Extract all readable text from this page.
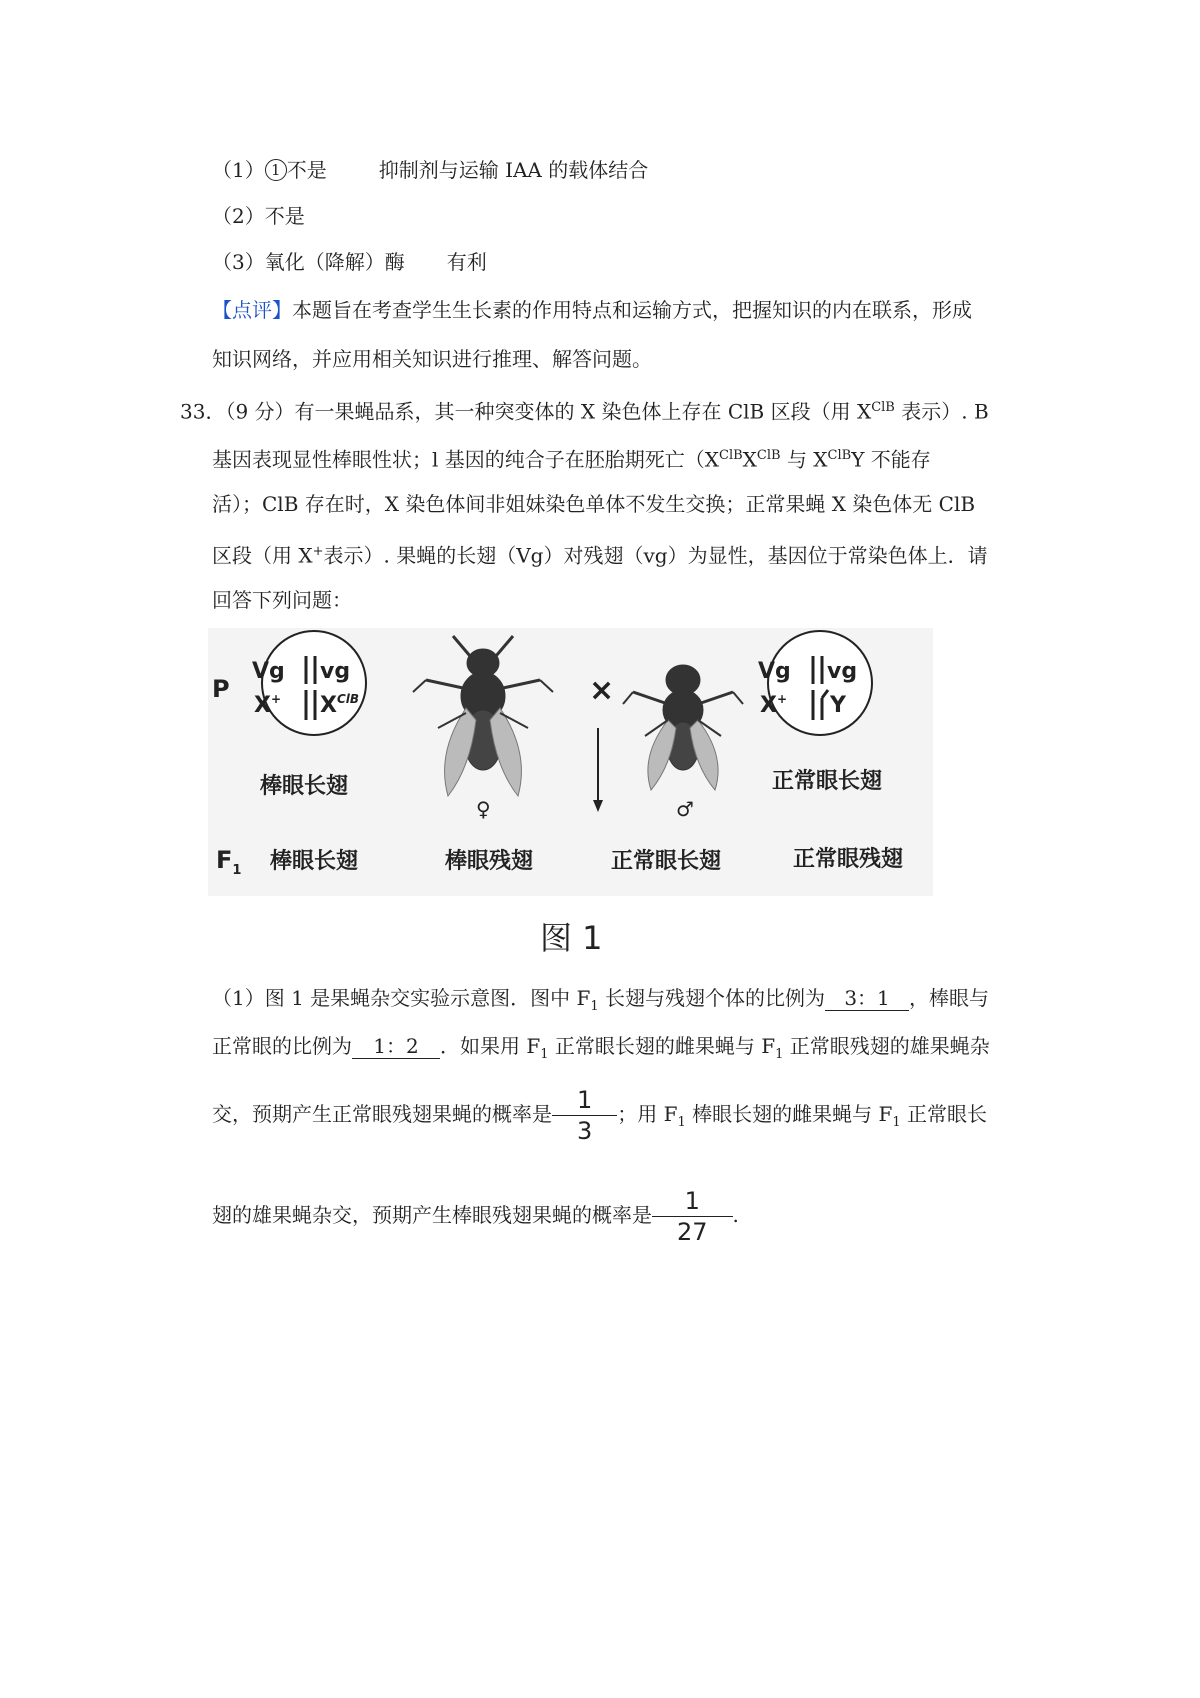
（1） 1 不是	抑制剂与运输 IAA 的载体结合
（2）不是
（3）氧化（降解）酶 有利
【点评】本题旨在考查学生生长素的作用特点和运输方式，把握知识的内在联系，形成
知识网络，并应用相关知识进行推理、解答问题。
33．（9 分）有一果蝇品系，其一种突变体的 X 染色体上存在 ClB 区段（用 $X^{ClB}$ 表示）. B
基因表现显性棒眼性状；l 基因的纯合子在胚胎期死亡（$X^{ClB}X^{ClB}$ 与 $X^{ClB}Y$ 不能存
活）；ClB 存在时，X 染色体间非姐妹染色单体不发生交换；正常果蝇 X 染色体无 ClB
区段（用 X+表示）. 果蝇的长翅（Vg）对残翅（vg）为显性，基因位于常染色体上．请
回答下列问题：
P
$F_1$
Vg vg
X+ $X^{ClB}$
棒眼长翅
♀
×
♂
Vg vg
X+ Y
正常眼长翅
棒眼长翅	棒眼残翅	正常眼长翅	正常眼残翅
图 1
（1）图 1 是果蝇杂交实验示意图．图中 $F_1$ 长翅与残翅个体的比例为 3：1 ，棒眼与
正常眼的比例为 1：2 ．如果用 $F_1$ 正常眼长翅的雌果蝇与 $F_1$ 正常眼残翅的雄果蝇杂
交，预期产生正常眼残翅果蝇的概率是 $\frac{1}{3}$ ；用 $F_1$ 棒眼长翅的雌果蝇与 $F_1$ 正常眼长
翅的雄果蝇杂交，预期产生棒眼残翅果蝇的概率是 $\frac{1}{27}$ .
